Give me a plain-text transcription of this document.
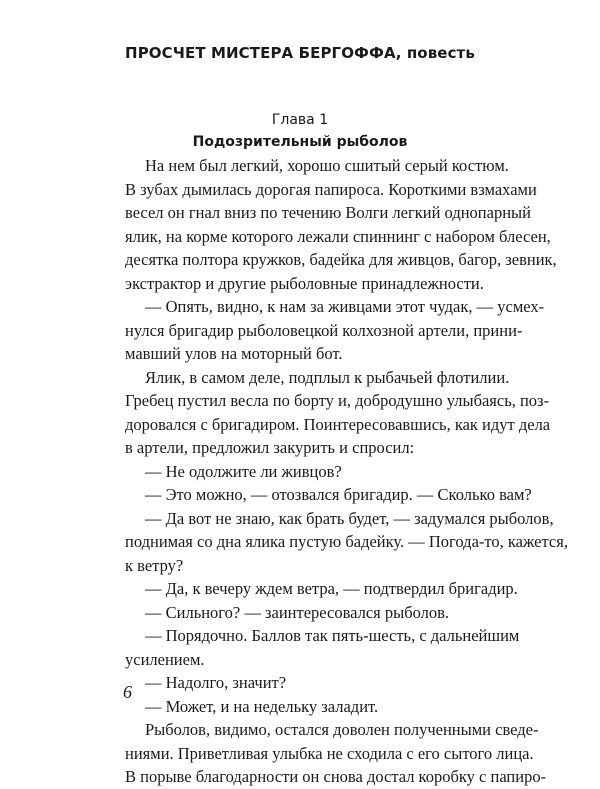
ПРОСЧЕТ МИСТЕРА БЕРГОФФА, повесть
Глава 1
Подозрительный рыболов
На нем был легкий, хорошо сшитый серый костюм.
В зубах дымилась дорогая папироса. Короткими взмахами
весел он гнал вниз по течению Волги легкий однопарный
ялик, на корме которого лежали спиннинг с набором блесен,
десятка полтора кружков, бадейка для живцов, багор, зевник,
экстрактор и другие рыболовные принадлежности.
— Опять, видно, к нам за живцами этот чудак, — усмех-
нулся бригадир рыболовецкой колхозной артели, прини-
мавший улов на моторный бот.
Ялик, в самом деле, подплыл к рыбачьей флотилии.
Гребец пустил весла по борту и, добродушно улыбаясь, поз-
доровался с бригадиром. Поинтересовавшись, как идут дела
в артели, предложил закурить и спросил:
— Не одолжите ли живцов?
— Это можно, — отозвался бригадир. — Сколько вам?
— Да вот не знаю, как брать будет, — задумался рыболов,
поднимая со дна ялика пустую бадейку. — Погода-то, кажется,
к ветру?
— Да, к вечеру ждем ветра, — подтвердил бригадир.
— Сильного? — заинтересовался рыболов.
— Порядочно. Баллов так пять-шесть, с дальнейшим
усилением.
— Надолго, значит?
— Может, и на недельку заладит.
Рыболов, видимо, остался доволен полученными сведе-
ниями. Приветливая улыбка не сходила с его сытого лица.
В порыве благодарности он снова достал коробку с папиро-
6
